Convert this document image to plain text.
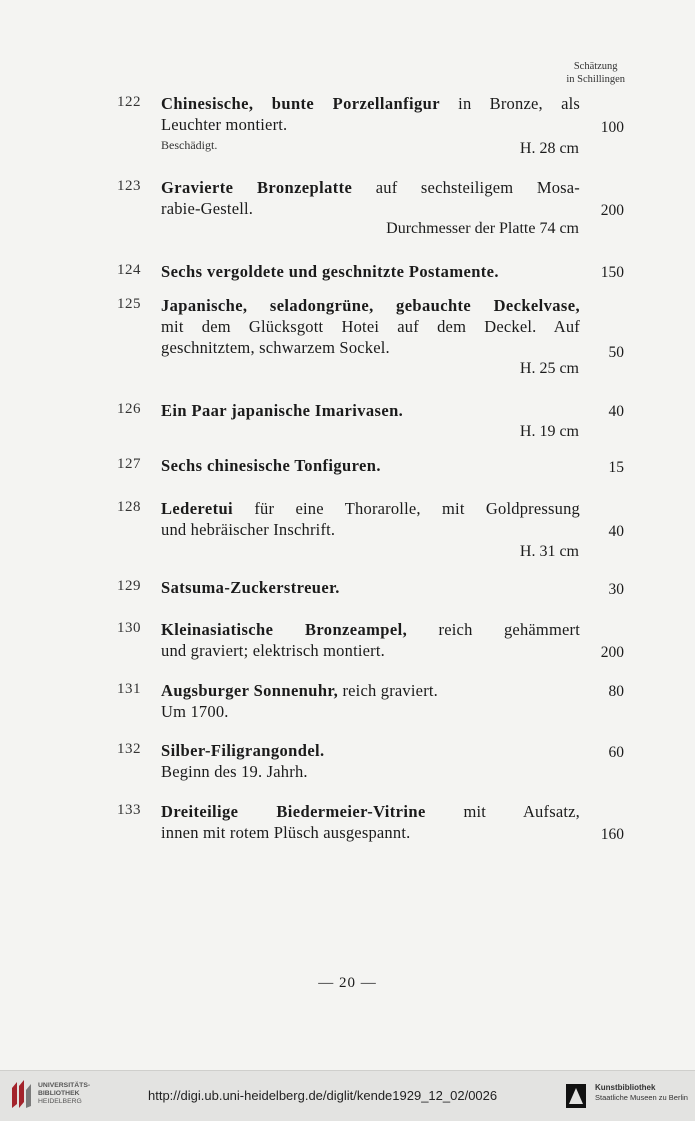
Schätzung
in Schillingen
122 Chinesische, bunte Porzellanfigur in Bronze, als
Leuchter montiert.
Beschädigt.	H. 28 cm
100
123 Gravierte Bronzeplatte auf sechsteiligem Mosa-
rabie-Gestell.
Durchmesser der Platte 74 cm
200
124 Sechs vergoldete und geschnitzte Postamente.	150
125 Japanische, seladongrüne, gebauchte Deckelvase,
mit dem Glücksgott Hotei auf dem Deckel. Auf
geschnitztem, schwarzem Sockel.
H. 25 cm
50
126 Ein Paar japanische Imarivasen.
H. 19 cm
40
127 Sechs chinesische Tonfiguren.	15
128 Lederetui für eine Thorarolle, mit Goldpressung
und hebräischer Inschrift.
H. 31 cm
40
129 Satsuma-Zuckerstreuer.	30
130 Kleinasiatische Bronzeampel, reich gehämmert
und graviert; elektrisch montiert.	200
131 Augsburger Sonnenuhr, reich graviert.
Um 1700.
80
132 Silber-Filigrangondel.
Beginn des 19. Jahrh.
60
133 Dreiteilige Biedermeier-Vitrine mit Aufsatz,
innen mit rotem Plüsch ausgespannt.	160
— 20 —
UNIVERSITÄTS-
BIBLIOTHEK
HEIDELBERG	http://digi.ub.uni-heidelberg.de/diglit/kende1929_12_02/0026
Kunstbibliothek
Staatliche Museen zu Berlin
